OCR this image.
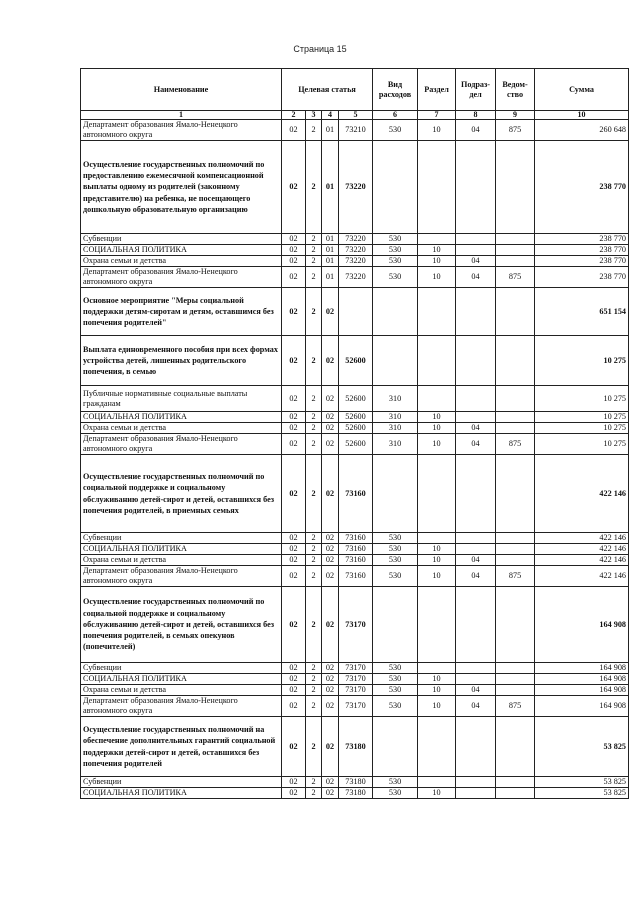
Страница 15
Наименование	Целевая статья				Вид расходов	Раздел	Подраз- дел	Ведом- ство	Сумма
1	2	3	4	5	6	7	8	9	10
Департамент образования Ямало-Ненецкого автономного округа	02	2	01	73210	530	10	04	875	260 648
Осуществление государственных полномочий по предоставлению ежемесячной компенсационной выплаты одному из родителей (законному представителю) на ребенка, не посещающего дошкольную образовательную организацию	02	2	01	73220					238 770
Субвенции	02	2	01	73220	530				238 770
СОЦИАЛЬНАЯ ПОЛИТИКА	02	2	01	73220	530	10			238 770
Охрана семьи и детства	02	2	01	73220	530	10	04		238 770
Департамент образования Ямало-Ненецкого автономного округа	02	2	01	73220	530	10	04	875	238 770
Основное мероприятие "Меры социальной поддержки детям-сиротам и детям, оставшимся без попечения родителей"	02	2	02						651 154
Выплата единовременного пособия при всех формах устройства детей, лишенных родительского попечения, в семью	02	2	02	52600					10 275
Публичные нормативные социальные выплаты гражданам	02	2	02	52600	310				10 275
СОЦИАЛЬНАЯ ПОЛИТИКА	02	2	02	52600	310	10			10 275
Охрана семьи и детства	02	2	02	52600	310	10	04		10 275
Департамент образования Ямало-Ненецкого автономного округа	02	2	02	52600	310	10	04	875	10 275
Осуществление государственных полномочий по социальной поддержке и социальному обслуживанию детей-сирот и детей, оставшихся без попечения родителей, в приемных семьях	02	2	02	73160					422 146
Субвенции	02	2	02	73160	530				422 146
СОЦИАЛЬНАЯ ПОЛИТИКА	02	2	02	73160	530	10			422 146
Охрана семьи и детства	02	2	02	73160	530	10	04		422 146
Департамент образования Ямало-Ненецкого автономного округа	02	2	02	73160	530	10	04	875	422 146
Осуществление государственных полномочий по социальной поддержке и социальному обслуживанию детей-сирот и детей, оставшихся без попечения родителей, в семьях опекунов (попечителей)	02	2	02	73170					164 908
Субвенции	02	2	02	73170	530				164 908
СОЦИАЛЬНАЯ ПОЛИТИКА	02	2	02	73170	530	10			164 908
Охрана семьи и детства	02	2	02	73170	530	10	04		164 908
Департамент образования Ямало-Ненецкого автономного округа	02	2	02	73170	530	10	04	875	164 908
Осуществление государственных полномочий на обеспечение дополнительных гарантий социальной поддержки детей-сирот и детей, оставшихся без попечения родителей	02	2	02	73180					53 825
Субвенции	02	2	02	73180	530				53 825
СОЦИАЛЬНАЯ ПОЛИТИКА	02	2	02	73180	530	10			53 825
